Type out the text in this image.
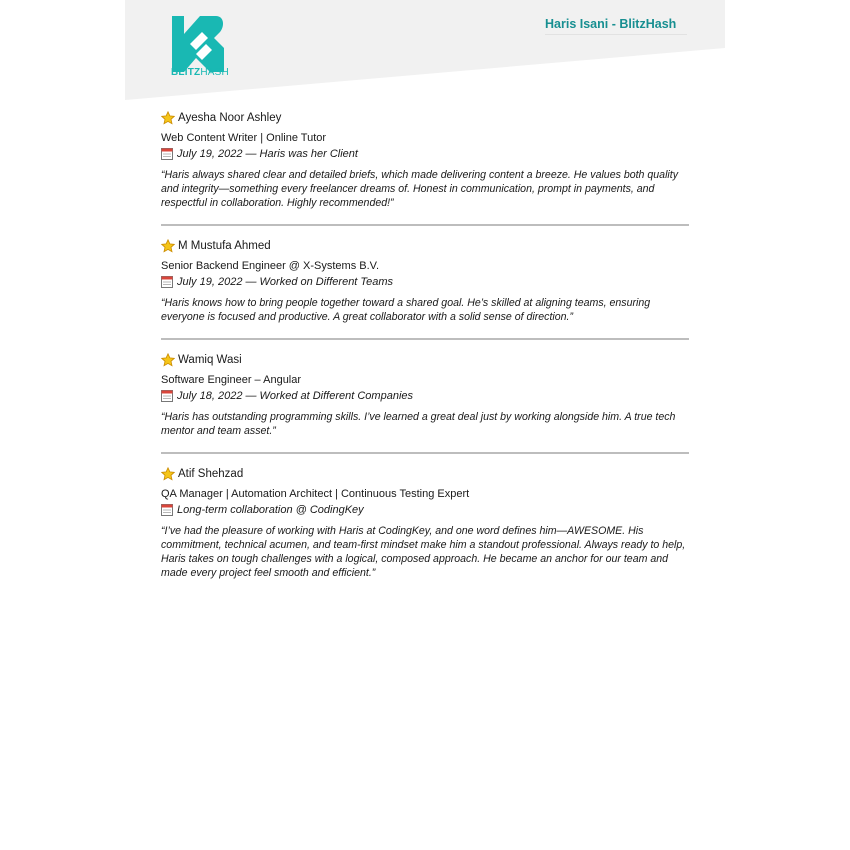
BLITZHASH
Haris Isani - BlitzHash
Ayesha Noor Ashley
Web Content Writer | Online Tutor
July 19, 2022 — Haris was her Client
“Haris always shared clear and detailed briefs, which made delivering content a breeze. He values both quality and integrity—something every freelancer dreams of. Honest in communication, prompt in payments, and respectful in collaboration. Highly recommended!”
M Mustufa Ahmed
Senior Backend Engineer @ X-Systems B.V.
July 19, 2022 — Worked on Different Teams
“Haris knows how to bring people together toward a shared goal. He’s skilled at aligning teams, ensuring everyone is focused and productive. A great collaborator with a solid sense of direction.”
Wamiq Wasi
Software Engineer – Angular
July 18, 2022 — Worked at Different Companies
“Haris has outstanding programming skills. I’ve learned a great deal just by working alongside him. A true tech mentor and team asset.”
Atif Shehzad
QA Manager | Automation Architect | Continuous Testing Expert
Long-term collaboration @ CodingKey
“I’ve had the pleasure of working with Haris at CodingKey, and one word defines him—AWESOME. His commitment, technical acumen, and team-first mindset make him a standout professional. Always ready to help, Haris takes on tough challenges with a logical, composed approach. He became an anchor for our team and made every project feel smooth and efficient.”
